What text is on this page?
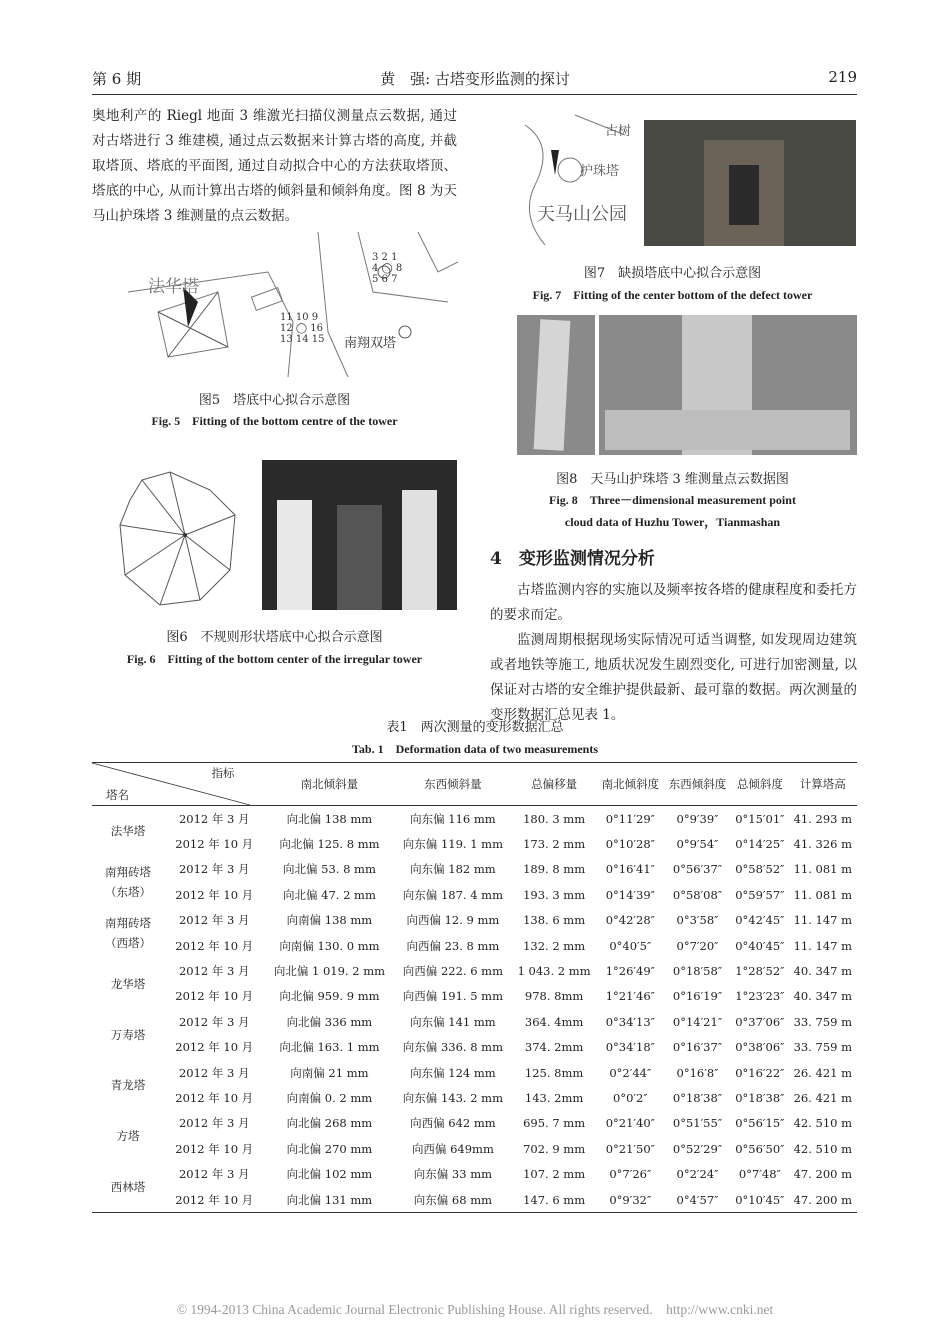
第 6 期	黄　强: 古塔变形监测的探讨	219
奥地利产的 Riegl 地面 3 维激光扫描仪测量点云数据, 通过对古塔进行 3 维建模, 通过点云数据来计算古塔的高度, 并截取塔顶、塔底的平面图, 通过自动拟合中心的方法获取塔顶、塔底的中心, 从而计算出古塔的倾斜量和倾斜角度。图 8 为天马山护珠塔 3 维测量的点云数据。
法华塔
南翔双塔
3 2 1
4 ◯ 8
5 6 7
11 10 9
12 ◯ 16
13 14 15
图5　塔底中心拟合示意图
Fig. 5　Fitting of the bottom centre of the tower
图6　不规则形状塔底中心拟合示意图
Fig. 6　Fitting of the bottom center of the irregular tower
古树
护珠塔
天马山公园
图7　缺损塔底中心拟合示意图
Fig. 7　Fitting of the center bottom of the defect tower
图8　天马山护珠塔 3 维测量点云数据图
Fig. 8　Three－dimensional measurement point
cloud data of Huzhu Tower，Tianmashan
4　变形监测情况分析
古塔监测内容的实施以及频率按各塔的健康程度和委托方的要求而定。
监测周期根据现场实际情况可适当调整, 如发现周边建筑或者地铁等施工, 地质状况发生剧烈变化, 可进行加密测量, 以保证对古塔的安全维护提供最新、最可靠的数据。两次测量的变形数据汇总见表 1。
表1　两次测量的变形数据汇总
Tab. 1　Deformation data of two measurements
指标
塔名		南北倾斜量	东西倾斜量	总偏移量	南北倾斜度	东西倾斜度	总倾斜度	计算塔高
法华塔	2012 年 3 月	向北偏 138 mm	向东偏 116 mm	180. 3 mm	0°11′29″	0°9′39″	0°15′01″	41. 293 m
	2012 年 10 月	向北偏 125. 8 mm	向东偏 119. 1 mm	173. 2 mm	0°10′28″	0°9′54″	0°14′25″	41. 326 m
南翔砖塔
（东塔）	2012 年 3 月	向北偏 53. 8 mm	向东偏 182 mm	189. 8 mm	0°16′41″	0°56′37″	0°58′52″	11. 081 m
	2012 年 10 月	向北偏 47. 2 mm	向东偏 187. 4 mm	193. 3 mm	0°14′39″	0°58′08″	0°59′57″	11. 081 m
南翔砖塔
（西塔）	2012 年 3 月	向南偏 138 mm	向西偏 12. 9 mm	138. 6 mm	0°42′28″	0°3′58″	0°42′45″	11. 147 m
	2012 年 10 月	向南偏 130. 0 mm	向西偏 23. 8 mm	132. 2 mm	0°40′5″	0°7′20″	0°40′45″	11. 147 m
龙华塔	2012 年 3 月	向北偏 1 019. 2 mm	向西偏 222. 6 mm	1 043. 2 mm	1°26′49″	0°18′58″	1°28′52″	40. 347 m
	2012 年 10 月	向北偏 959. 9 mm	向西偏 191. 5 mm	978. 8mm	1°21′46″	0°16′19″	1°23′23″	40. 347 m
万寿塔	2012 年 3 月	向北偏 336 mm	向东偏 141 mm	364. 4mm	0°34′13″	0°14′21″	0°37′06″	33. 759 m
	2012 年 10 月	向北偏 163. 1 mm	向东偏 336. 8 mm	374. 2mm	0°34′18″	0°16′37″	0°38′06″	33. 759 m
青龙塔	2012 年 3 月	向南偏 21 mm	向东偏 124 mm	125. 8mm	0°2′44″	0°16′8″	0°16′22″	26. 421 m
	2012 年 10 月	向南偏 0. 2 mm	向东偏 143. 2 mm	143. 2mm	0°0′2″	0°18′38″	0°18′38″	26. 421 m
方塔	2012 年 3 月	向北偏 268 mm	向西偏 642 mm	695. 7 mm	0°21′40″	0°51′55″	0°56′15″	42. 510 m
	2012 年 10 月	向北偏 270 mm	向西偏 649mm	702. 9 mm	0°21′50″	0°52′29″	0°56′50″	42. 510 m
西林塔	2012 年 3 月	向北偏 102 mm	向东偏 33 mm	107. 2 mm	0°7′26″	0°2′24″	0°7′48″	47. 200 m
	2012 年 10 月	向北偏 131 mm	向东偏 68 mm	147. 6 mm	0°9′32″	0°4′57″	0°10′45″	47. 200 m
© 1994-2013 China Academic Journal Electronic Publishing House. All rights reserved.　http://www.cnki.net
